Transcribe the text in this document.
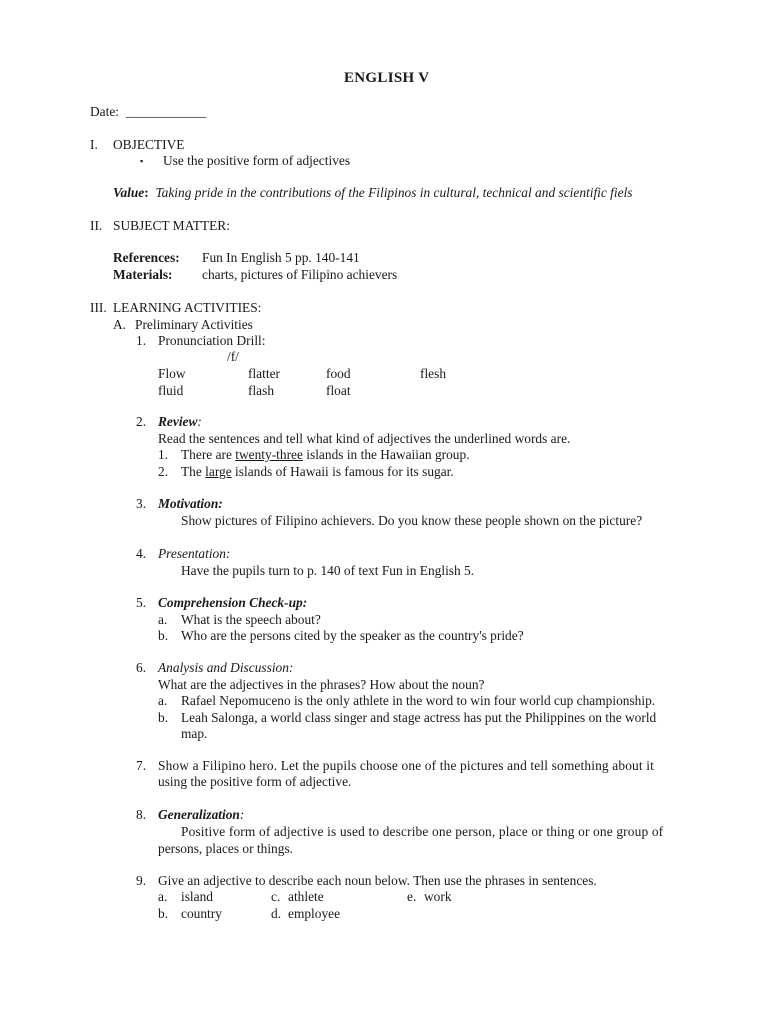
ENGLISH V
Date: ____________
I. OBJECTIVE
▪ Use the positive form of adjectives
Value: Taking pride in the contributions of the Filipinos in cultural, technical and scientific fiels
II. SUBJECT MATTER:
References: Fun In English 5 pp. 140-141
Materials: charts, pictures of Filipino achievers
III. LEARNING ACTIVITIES:
A. Preliminary Activities
1. Pronunciation Drill:
/f/
Flow	flatter	food	flesh
fluid	flash	float
2. Review:
Read the sentences and tell what kind of adjectives the underlined words are.
1. There are twenty-three islands in the Hawaiian group.
2. The large islands of Hawaii is famous for its sugar.
3. Motivation:
Show pictures of Filipino achievers. Do you know these people shown on the picture?
4. Presentation:
Have the pupils turn to p. 140 of text Fun in English 5.
5. Comprehension Check-up:
a. What is the speech about?
b. Who are the persons cited by the speaker as the country's pride?
6. Analysis and Discussion:
What are the adjectives in the phrases? How about the noun?
a. Rafael Nepomuceno is the only athlete in the word to win four world cup championship.
b. Leah Salonga, a world class singer and stage actress has put the Philippines on the world
map.
7. Show a Filipino hero. Let the pupils choose one of the pictures and tell something about it
using the positive form of adjective.
8. Generalization:
Positive form of adjective is used to describe one person, place or thing or one group of
persons, places or things.
9. Give an adjective to describe each noun below. Then use the phrases in sentences.
a. island	c. athlete	e. work
b. country	d. employee
